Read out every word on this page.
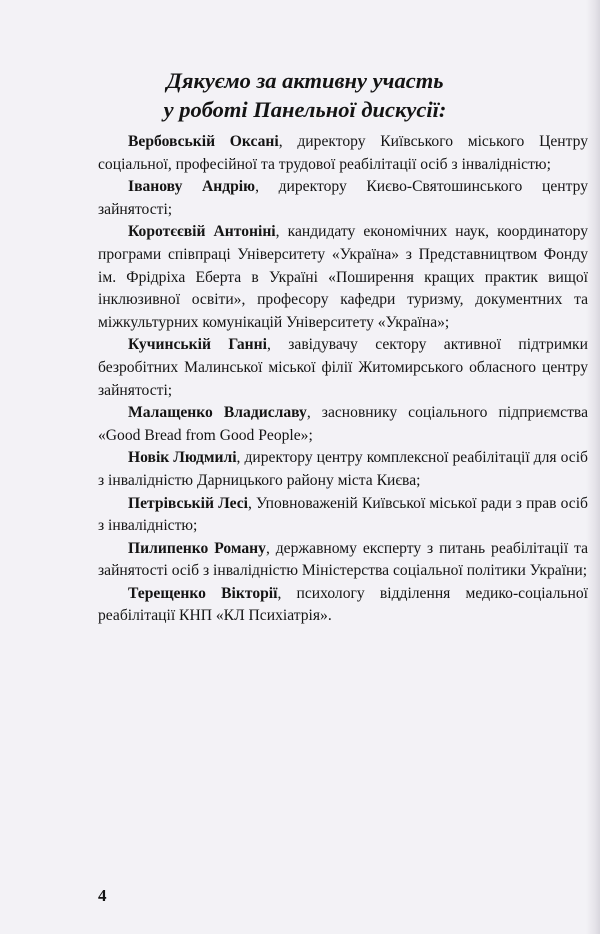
Дякуємо за активну участь
у роботі Панельної дискусії:
Вербовській Оксані, директору Київського міського Центру соціальної, професійної та трудової реабілітації осіб з інвалідністю;
Іванову Андрію, директору Києво-Святошинського центру зайнятості;
Коротєєвій Антоніні, кандидату економічних наук, координатору програми співпраці Університету «Україна» з Представництвом Фонду ім. Фрідріха Еберта в Україні «Поширення кращих практик вищої інклюзивної освіти», професору кафедри туризму, документних та міжкультурних комунікацій Університету «Україна»;
Кучинській Ганні, завідувачу сектору активної підтримки безробітних Малинської міської філії Житомирського обласного центру зайнятості;
Малащенко Владиславу, засновнику соціального підприємства «Good Bread from Good People»;
Новік Людмилі, директору центру комплексної реабілітації для осіб з інвалідністю Дарницького району міста Києва;
Петрівській Лесі, Уповноваженій Київської міської ради з прав осіб з інвалідністю;
Пилипенко Роману, державному експерту з питань реабілітації та зайнятості осіб з інвалідністю Міністерства соціальної політики України;
Терещенко Вікторії, психологу відділення медико-соціальної реабілітації КНП «КЛ Психіатрія».
4
